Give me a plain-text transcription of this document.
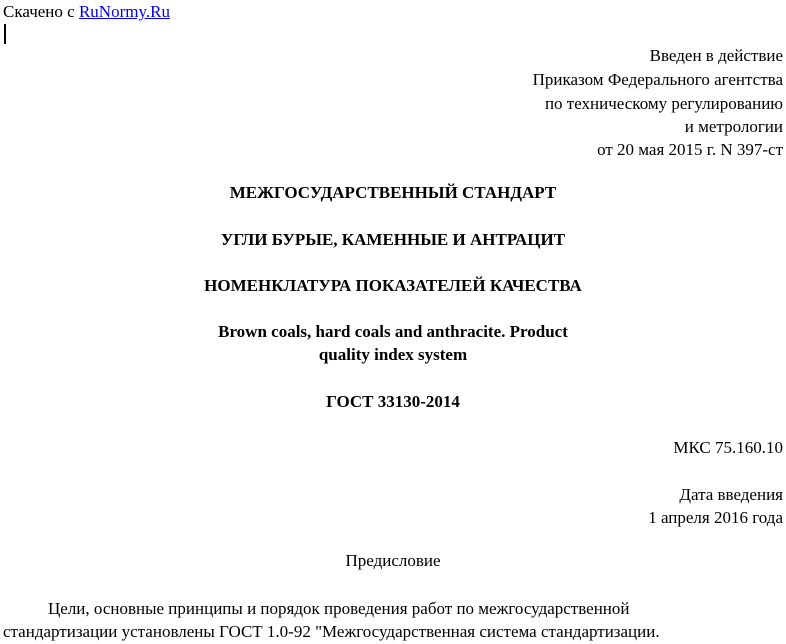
Скачено с RuNormy.Ru
Введен в действие
Приказом Федерального агентства
по техническому регулированию
и метрологии
от 20 мая 2015 г. N 397-ст
МЕЖГОСУДАРСТВЕННЫЙ СТАНДАРТ
УГЛИ БУРЫЕ, КАМЕННЫЕ И АНТРАЦИТ
НОМЕНКЛАТУРА ПОКАЗАТЕЛЕЙ КАЧЕСТВА
Brown coals, hard coals and anthracite. Product
quality index system
ГОСТ 33130-2014
МКС 75.160.10
Дата введения
1 апреля 2016 года
Предисловие
Цели, основные принципы и порядок проведения работ по межгосударственной
стандартизации установлены ГОСТ 1.0-92 "Межгосударственная система стандартизации.
